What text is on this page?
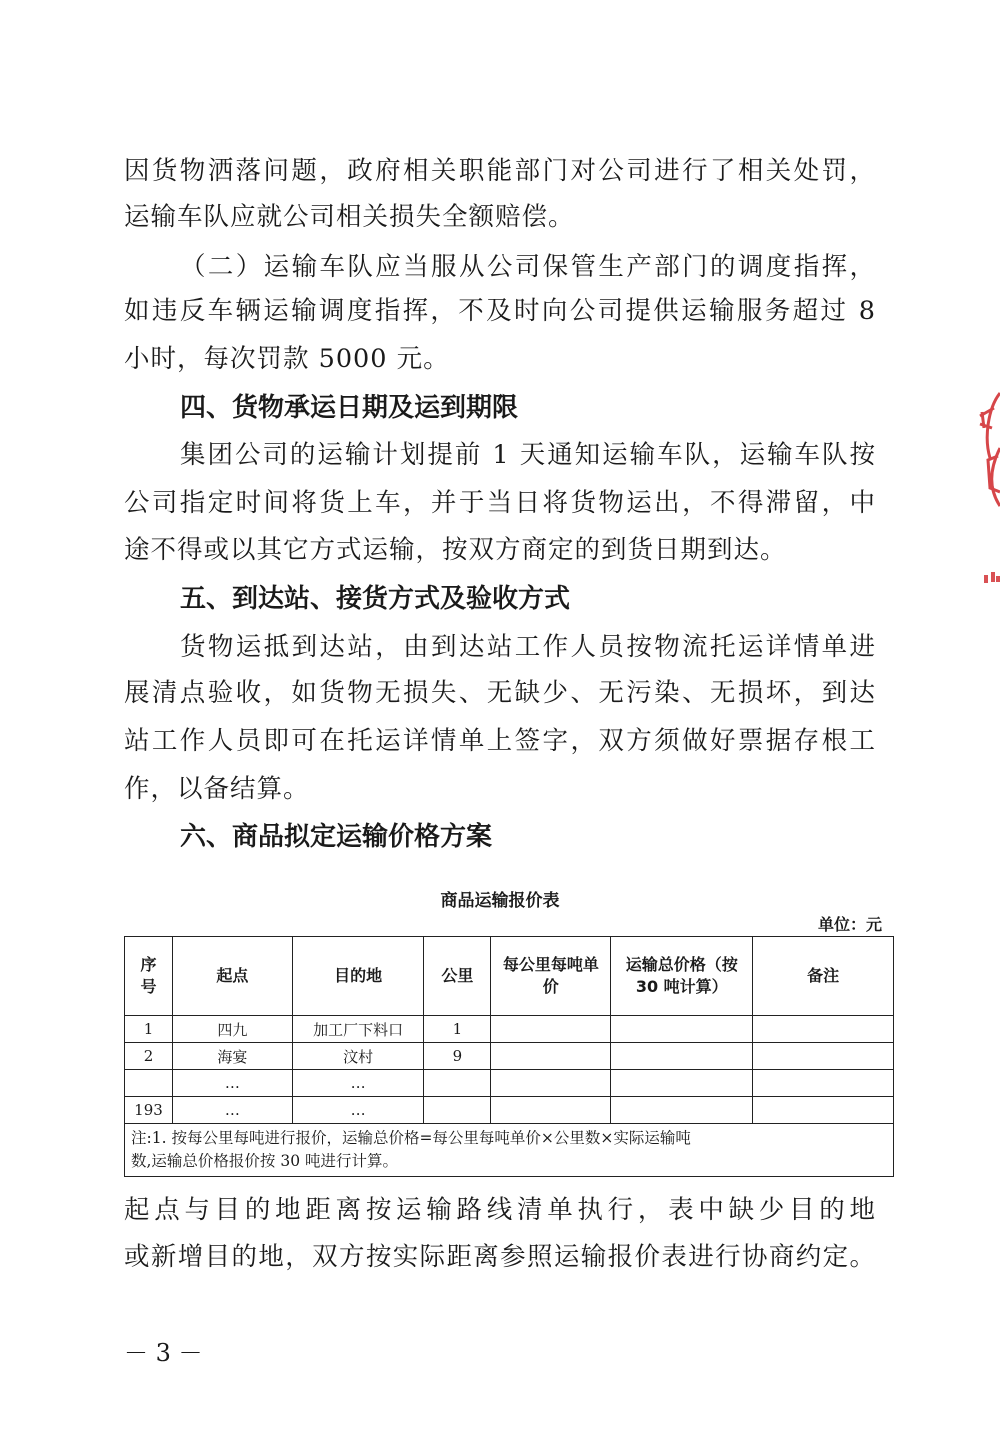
因货物洒落问题，政府相关职能部门对公司进行了相关处罚，
运输车队应就公司相关损失全额赔偿。
（二）运输车队应当服从公司保管生产部门的调度指挥，
如违反车辆运输调度指挥，不及时向公司提供运输服务超过 8
小时，每次罚款 5000 元。
四、货物承运日期及运到期限
集团公司的运输计划提前 1 天通知运输车队，运输车队按
公司指定时间将货上车，并于当日将货物运出，不得滞留，中
途不得或以其它方式运输，按双方商定的到货日期到达。
五、到达站、接货方式及验收方式
货物运抵到达站，由到达站工作人员按物流托运详情单进
展清点验收，如货物无损失、无缺少、无污染、无损坏，到达
站工作人员即可在托运详情单上签字，双方须做好票据存根工
作，以备结算。
六、商品拟定运输价格方案
商品运输报价表
单位：元
序号	起点	目的地	公里	每公里每吨单价	运输总价格（按 30 吨计算）	备注
1	四九	加工厂下料口	1			
2	海宴	汶村	9			
	…	…				
193	…	…				

注:1. 按每公里每吨进行报价，运输总价格=每公里每吨单价×公里数×实际运输吨
数,运输总价格报价按 30 吨进行计算。						
起点与目的地距离按运输路线清单执行，表中缺少目的地
或新增目的地，双方按实际距离参照运输报价表进行协商约定。
－ 3 －
